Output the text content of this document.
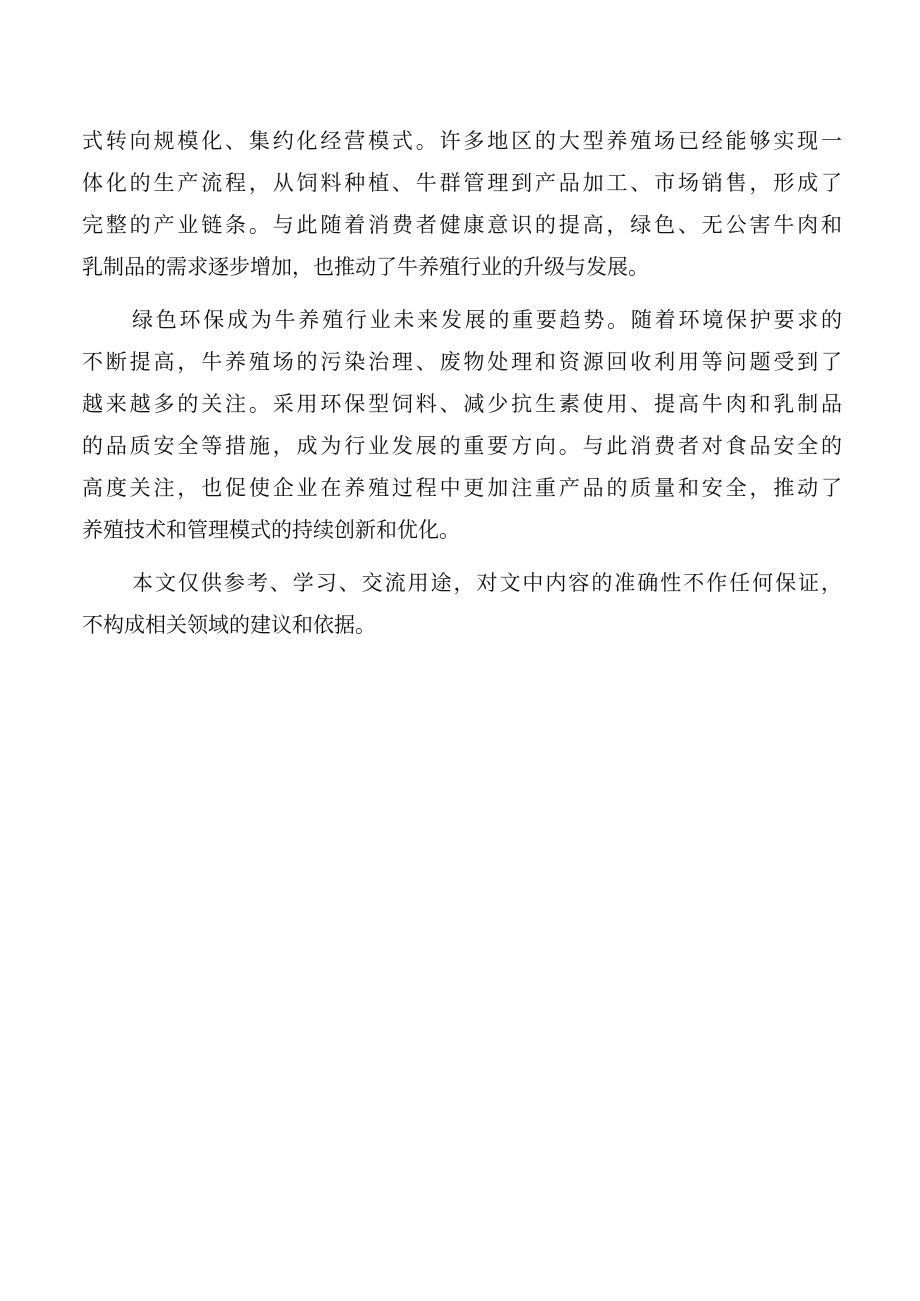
式转向规模化、集约化经营模式。许多地区的大型养殖场已经能够实现一
体化的生产流程，从饲料种植、牛群管理到产品加工、市场销售，形成了
完整的产业链条。与此随着消费者健康意识的提高，绿色、无公害牛肉和
乳制品的需求逐步增加，也推动了牛养殖行业的升级与发展。
绿色环保成为牛养殖行业未来发展的重要趋势。随着环境保护要求的
不断提高，牛养殖场的污染治理、废物处理和资源回收利用等问题受到了
越来越多的关注。采用环保型饲料、减少抗生素使用、提高牛肉和乳制品
的品质安全等措施，成为行业发展的重要方向。与此消费者对食品安全的
高度关注，也促使企业在养殖过程中更加注重产品的质量和安全，推动了
养殖技术和管理模式的持续创新和优化。
本文仅供参考、学习、交流用途，对文中内容的准确性不作任何保证，
不构成相关领域的建议和依据。
